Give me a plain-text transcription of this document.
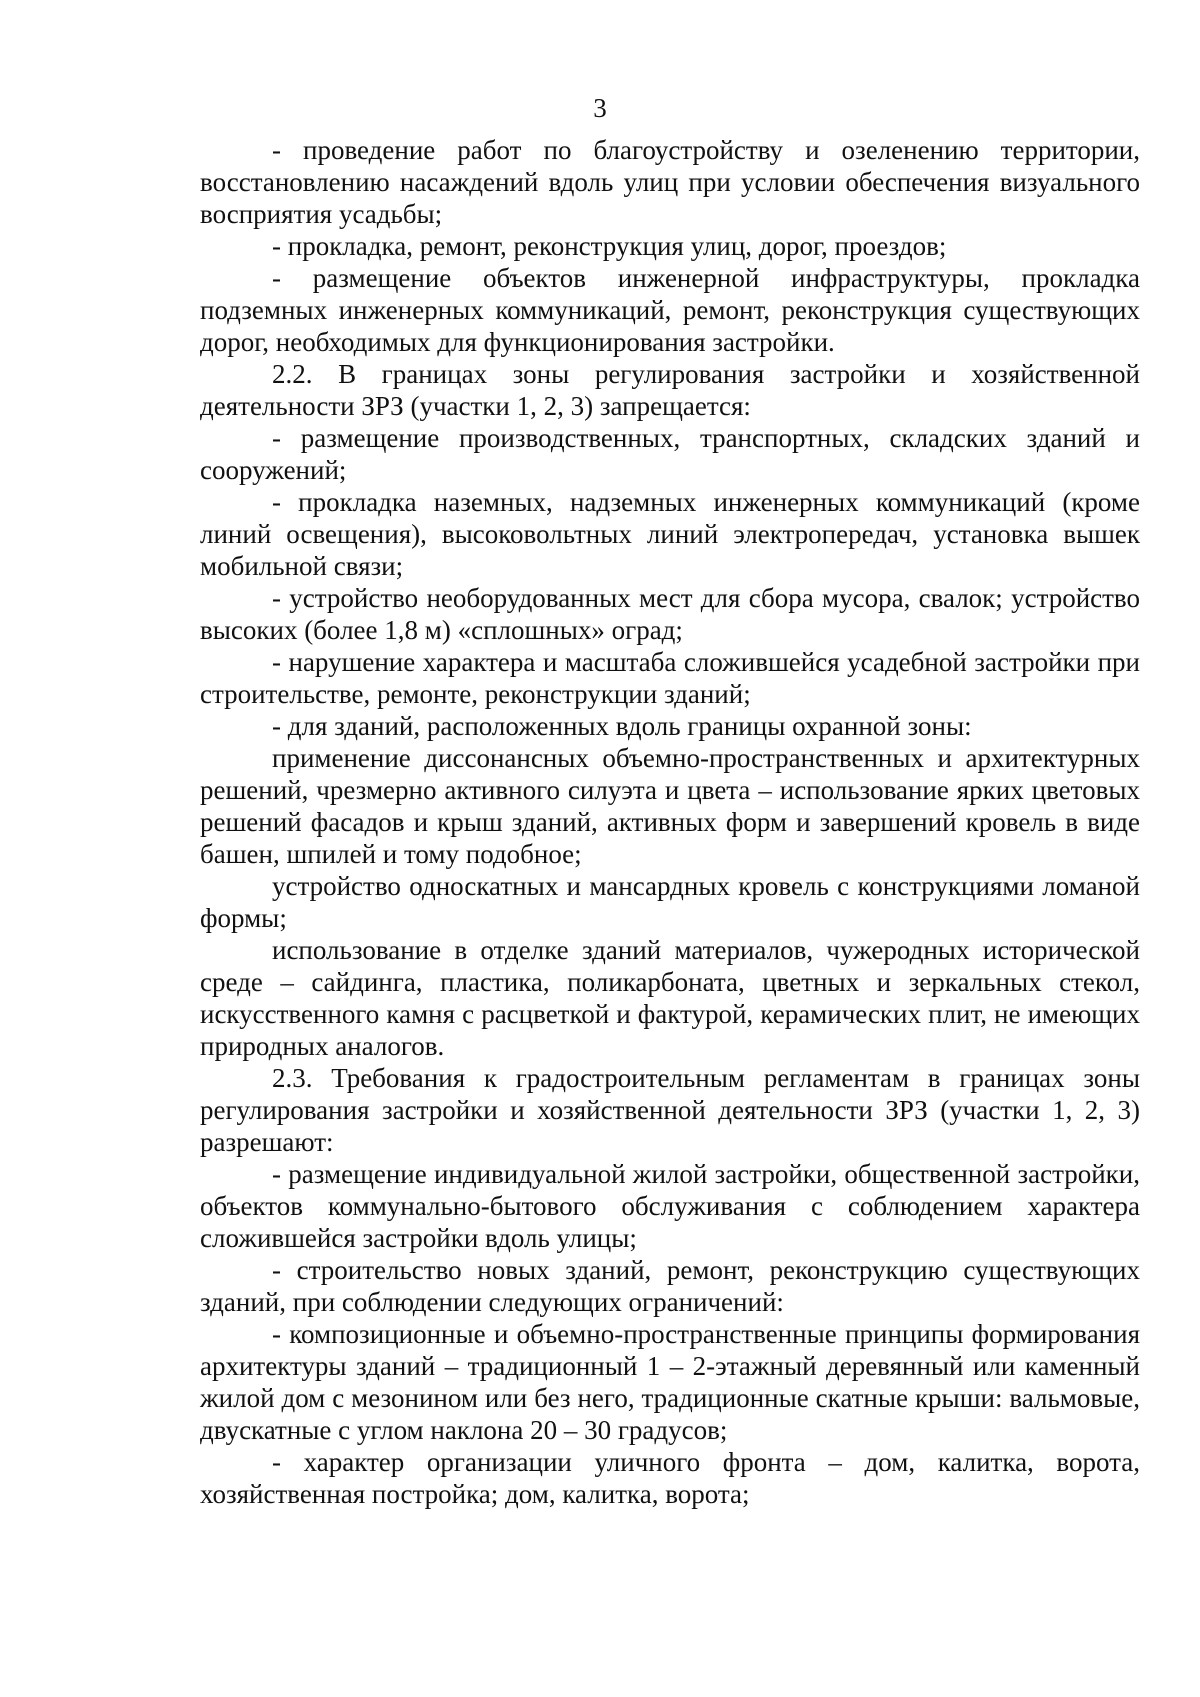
3

- проведение работ по благоустройству и озеленению территории, восстановлению насаждений вдоль улиц при условии обеспечения визуального восприятия усадьбы;

- прокладка, ремонт, реконструкция улиц, дорог, проездов;

- размещение объектов инженерной инфраструктуры, прокладка подземных инженерных коммуникаций, ремонт, реконструкция существующих дорог, необходимых для функционирования застройки.

2.2. В границах зоны регулирования застройки и хозяйственной деятельности ЗРЗ (участки 1, 2, 3) запрещается:

- размещение производственных, транспортных, складских зданий и сооружений;

- прокладка наземных, надземных инженерных коммуникаций (кроме линий освещения), высоковольтных линий электропередач, установка вышек мобильной связи;

- устройство необорудованных мест для сбора мусора, свалок; устройство высоких (более 1,8 м) «сплошных» оград;

- нарушение характера и масштаба сложившейся усадебной застройки при строительстве, ремонте, реконструкции зданий;

- для зданий, расположенных вдоль границы охранной зоны:

применение диссонансных объемно-пространственных и архитектурных решений, чрезмерно активного силуэта и цвета – использование ярких цветовых решений фасадов и крыш зданий, активных форм и завершений кровель в виде башен, шпилей и тому подобное;

устройство односкатных и мансардных кровель с конструкциями ломаной формы;

использование в отделке зданий материалов, чужеродных исторической среде – сайдинга, пластика, поликарбоната, цветных и зеркальных стекол, искусственного камня с расцветкой и фактурой, керамических плит, не имеющих природных аналогов.

2.3. Требования к градостроительным регламентам в границах зоны регулирования застройки и хозяйственной деятельности ЗРЗ (участки 1, 2, 3) разрешают:

- размещение индивидуальной жилой застройки, общественной застройки, объектов коммунально-бытового обслуживания с соблюдением характера сложившейся застройки вдоль улицы;

- строительство новых зданий, ремонт, реконструкцию существующих зданий, при соблюдении следующих ограничений:

- композиционные и объемно-пространственные принципы формирования архитектуры зданий – традиционный 1 – 2-этажный деревянный или каменный жилой дом с мезонином или без него, традиционные скатные крыши: вальмовые, двускатные с углом наклона 20 – 30 градусов;

- характер организации уличного фронта – дом, калитка, ворота, хозяйственная постройка; дом, калитка, ворота;
